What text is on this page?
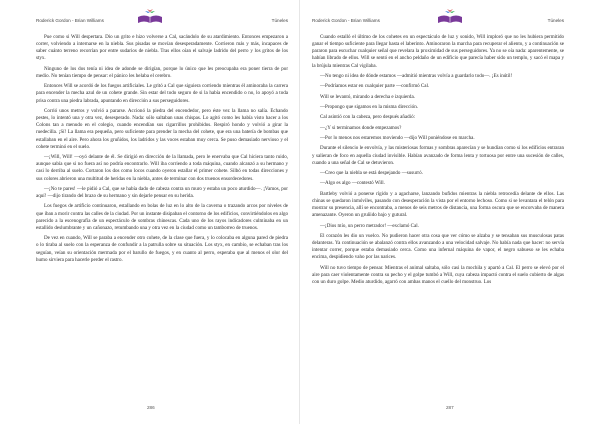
Roderick Gordon - Brian Williams	Túneles

Pue como si Will despertara. Dio un grito e hizo volverse a Cal, sacándolo de su atardimiento. Entonces empezaron a correr, volviendo a internarse en la niebla. Sus pisadas se movían desesperadamente. Corrieron más y más, incapaces de saber cuánto terreno recorrían por entre sudarios de niebla. Tras ellos oían el salvaje ladrido del perro y los gritos de los styx.

Ninguno de los dos tenía ni idea de adonde se dirigían, porque lo único que les preocupaba era poner tierra de por medio. No tenían tiempo de pensar: el pánico les helaba el cerebro.

Entonces Will se acordó de los fuegos artificiales. Le gritó a Cal que siguiera corriendo mientras él aminoraba la carrera para encender la mecha azul de un cohete grande. Sin estar del todo seguro de si la había encendido o no, lo apoyó a toda prisa contra una piedra labrada, apuntando en dirección a sus perseguidores.

Corrió unos metros y volvió a pararse. Accionó la piedra del encendedor, pero éste vez la llama no salía. Echando pestes, lo intentó una y otra vez, desesperado. Nada: sólo saltaban unas chispas. Lo agitó como les había visto hacer a los Colons tan a menudo en el colegio, cuando encendían sus cigarrillos prohibidos. Respiró hondo y volvió a girar la ruedecilla. ¡Sí! La llama era pequeña, pero suficiente para prender la mecha del cohete, que era una batería de bombas que estallaban en el aire. Pero ahora los gruñidos, los ladridos y las voces estaban muy cerca. Se puso demasiado nervioso y el cohete terminó en el suelo.

—¡Will, Will! —oyó delante de él. Se dirigió en dirección de la llamada, pero le enervaba que Cal hiciera tanto ruido, aunque sabía que si no fuera así no podría encontrarlo. Will iba corriendo a toda máquina, cuando alcanzó a su hermano y casi lo derriba al suelo. Cortaron los dos como locos cuando oyeron estallar el primer cohete. Silbó en todas direcciones y sus colores abrieron una multitud de heridas en la niebla, antes de terminar con dos truenos ensordecedores.

—¡No te pares! —le pidió a Cal, que se había dado de cabeza contra un muro y estaba un poco aturdido—. ¡Vamos, por aquí! —dijo tirando del brazo de su hermano y sin dejarle pensar en su herida.

Los fuegos de artificio continuaron, estallando en bolas de luz en lo alto de la caverna o trazando arcos por niveles de que iban a morir contra las calles de la ciudad. Por un instante disipaban el contorno de los edificios, convirtiéndolos en algo parecido a la escenografía de un espectáculo de sombras chinescas. Cada uno de los rayos indicadores culminaba en un estallido deslumbrante y un cañonazo, retumbando una y otra vez en la ciudad como un tamborreo de truenos.

De vez en cuando, Will se paraba a encender otro cohete, de la clase que fuera, y lo colocaba en alguna pared de piedra o lo tiraba al suelo con la esperanza de confundir a la patrulla sobre su situación. Los styx, en cambio, se echaban tras los seguían, veían su orientación mermada por el barullo de fuegos, y en cuanto al perro, esperaba que al menos el olor del humo sirviera para hacerle perder el rastro.

286
Roderick Gordon - Brian Williams	Túneles

Cuando estalló el último de los cohetes en un espectáculo de luz y sonido, Will imploró que no les hubiera permitido ganar el tiempo suficiente para llegar hasta el laberinto. Aminoraron la marcha para recuperar el aliento, y a continuación se pararon para escuchar cualquier señal que revelara la proximidad de sus perseguidores. Ya no se oía nada: aparentemente, se habían librado de ellos. Will se sentó en el ancho peldaño de un edificio que parecía haber sido un templo, y sacó el mapa y la brújula mientras Cal vigilaba.

—No tengo ni idea de dónde estamos —admitió mientras volvía a guardarlo todo—. ¡Es inútil!

—Podríamos estar en cualquier parte —confirmó Cal.

Will se levantó, mirando a derecha e izquierda.

—Propongo que sigamos en la misma dirección.

Cal asintió con la cabeza, pero después añadió:

—¿Y si terminamos donde empezamos?

—Por lo menos nos estaremos moviendo —dijo Will poniéndose en marcha.

Durante el silencio le envolvía, y las misteriosas formas y sombras aparecían y se hundían como si los edificios entraran y salieran de foco en aquella ciudad invisible. Habían avanzado de forma lenta y tortuosa por entre una sucesión de calles, cuando a una señal de Cal se detuvieron.

—Creo que la niebla se está despejando —susurró.

—Algo es algo —contestó Will.

Bartleby volvió a ponerse rígido y a agacharse, lanzando bufidos mientras la niebla retrocedía delante de ellos. Las chinas se quedaron inmóviles, pasando con desesperación la vista por el entorno lechoso. Como si se levantara el telón para mostrar su presencia, allí se encontraba, a menos de seis metros de distancia, una forma oscura que se encorvaba de manera amenazante. Oyeron un gruñido bajo y gutural.

—¡Dios mío, un perro metrador! —exclamó Cal.

El corazón les dio un vuelco. No pudieron hacer otra cosa que ver cómo se alzaba y se tensaban sus musculosas patas delanteras. Ya continuación se abalanzó contra ellos avanzando a una velocidad salvaje. No había nada que hacer: no servía intentar correr, porque estaba demasiado cerca. Como una infernal máquina de vapor, el negro sabueso se les echaba encima, despidiendo vaho por las narices.

Will no tuvo tiempo de pensar. Mientras el animal saltaba, sólo casi la mochila y apartó a Cal. El perro se elevó por el aire para caer violentamente contra su pecho y el golpe tumbó a Will, cuya cabeza impactó contra el suelo cubierto de algas con un duro golpe. Medio aturdido, agarró con ambas manos el cuello del monstruo. Los

287
